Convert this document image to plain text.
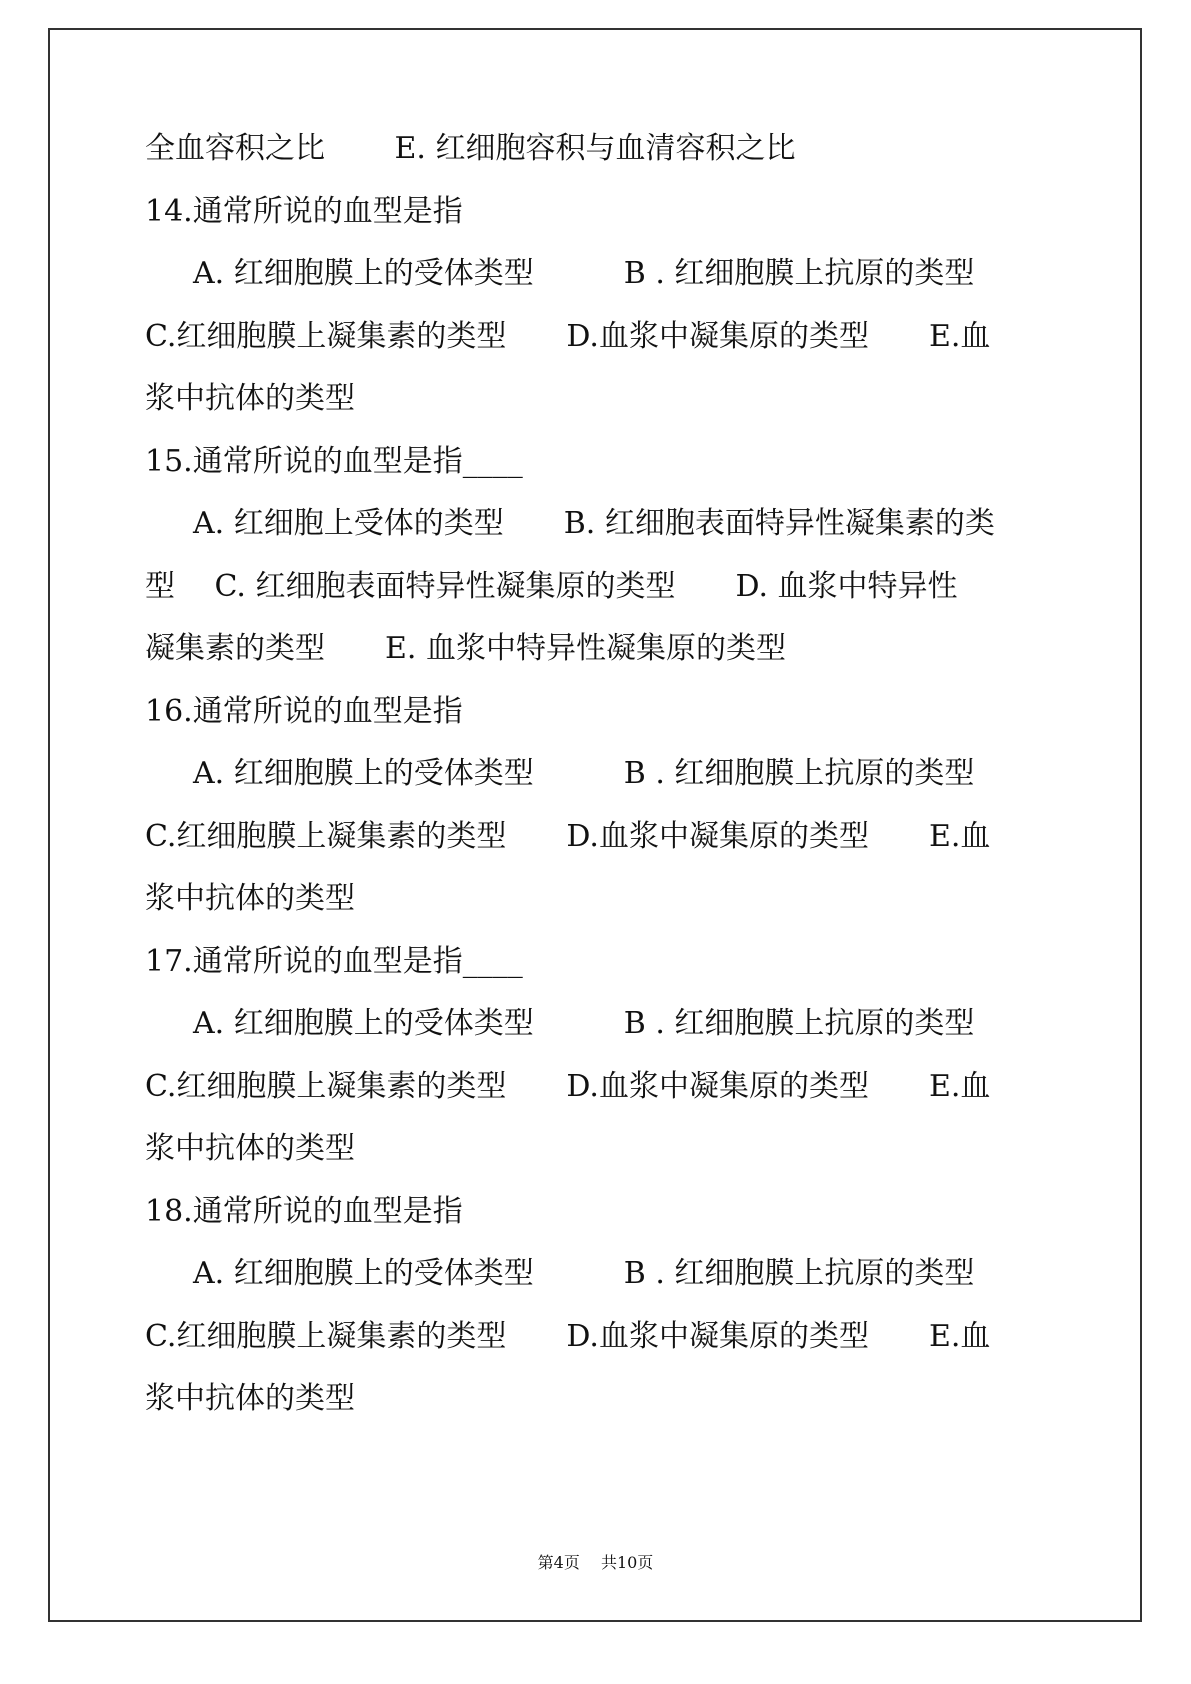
全血容积之比　　 E. 红细胞容积与血清容积之比
14.通常所说的血型是指
A. 红细胞膜上的受体类型　　　B . 红细胞膜上抗原的类型
C.红细胞膜上凝集素的类型　　D.血浆中凝集原的类型　　E.血
浆中抗体的类型
15.通常所说的血型是指____
A. 红细胞上受体的类型　　B. 红细胞表面特异性凝集素的类
型　 C. 红细胞表面特异性凝集原的类型　　D. 血浆中特异性
凝集素的类型　　E. 血浆中特异性凝集原的类型
16.通常所说的血型是指
A. 红细胞膜上的受体类型　　　B . 红细胞膜上抗原的类型
C.红细胞膜上凝集素的类型　　D.血浆中凝集原的类型　　E.血
浆中抗体的类型
17.通常所说的血型是指____
A. 红细胞膜上的受体类型　　　B . 红细胞膜上抗原的类型
C.红细胞膜上凝集素的类型　　D.血浆中凝集原的类型　　E.血
浆中抗体的类型
18.通常所说的血型是指
A. 红细胞膜上的受体类型　　　B . 红细胞膜上抗原的类型
C.红细胞膜上凝集素的类型　　D.血浆中凝集原的类型　　E.血
浆中抗体的类型
第4页　 共10页
